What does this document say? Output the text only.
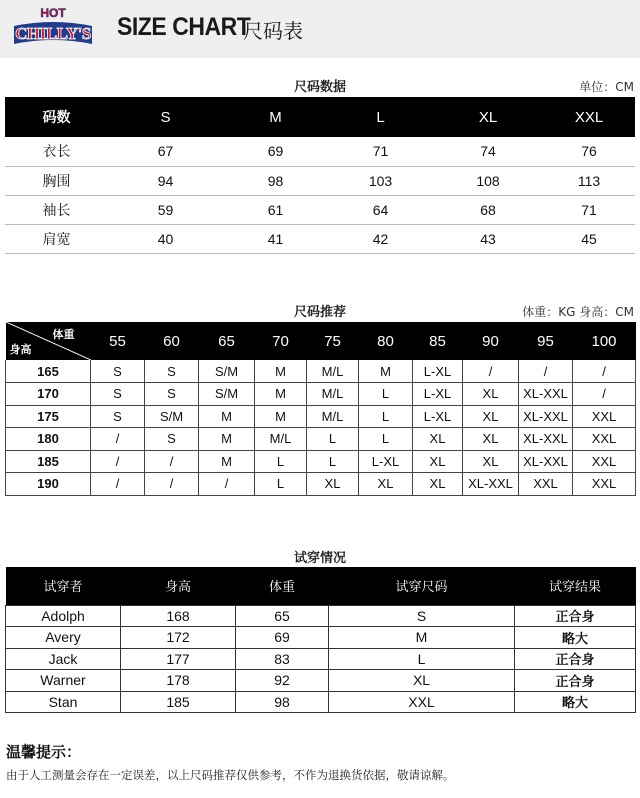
HOT
CHILLY'S SIZE CHART
尺码表
尺码数据	单位：CM
码数	S	M	L	XL	XXL
衣长	67	69	71	74	76
胸围	94	98	103	108	113
袖长	59	61	64	68	71
肩宽	40	41	42	43	45
尺码推荐	体重：KG 身高：CM
体重
身高	55	60	65	70	75	80	85	90	95	100
165	S	S	S/M	M	M/L	M	L-XL	/	/	/
170	S	S	S/M	M	M/L	L	L-XL	XL	XL-XXL	/
175	S	S/M	M	M	M/L	L	L-XL	XL	XL-XXL	XXL
180	/	S	M	M/L	L	L	XL	XL	XL-XXL	XXL
185	/	/	M	L	L	L-XL	XL	XL	XL-XXL	XXL
190	/	/	/	L	XL	XL	XL	XL-XXL	XXL	XXL
试穿情况
试穿者	身高	体重	试穿尺码	试穿结果
Adolph	168	65	S	正合身
Avery	172	69	M	略大
Jack	177	83	L	正合身
Warner	178	92	XL	正合身
Stan	185	98	XXL	略大
温馨提示：
由于人工测量会存在一定误差，以上尺码推荐仅供参考，不作为退换货依据，敬请谅解。
